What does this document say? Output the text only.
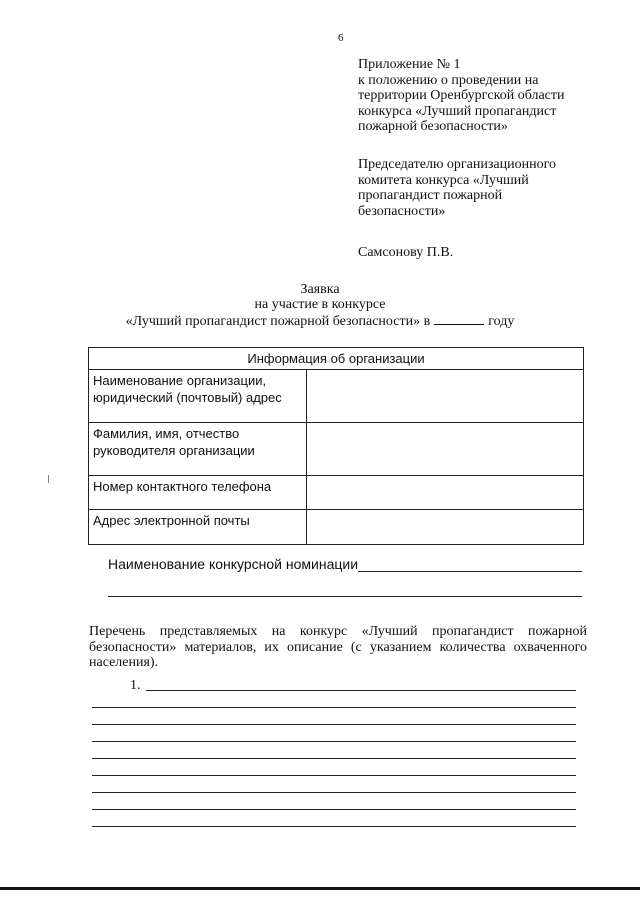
6
Приложение № 1
к положению о проведении на
территории Оренбургской области
конкурса «Лучший пропагандист
пожарной безопасности»
Председателю организационного
комитета конкурса «Лучший
пропагандист пожарной
безопасности»
Самсонову П.В.
Заявка
на участие в конкурсе
«Лучший пропагандист пожарной безопасности» в	году
Информация об организации	
Наименование организации, юридический (почтовый) адрес	
Фамилия, имя, отчество руководителя организации	
Номер контактного телефона	
Адрес электронной почты	
Наименование конкурсной номинации
Перечень представляемых на конкурс «Лучший пропагандист пожарной безопасности» материалов, их описание (с указанием количества охваченного населения).
1.
